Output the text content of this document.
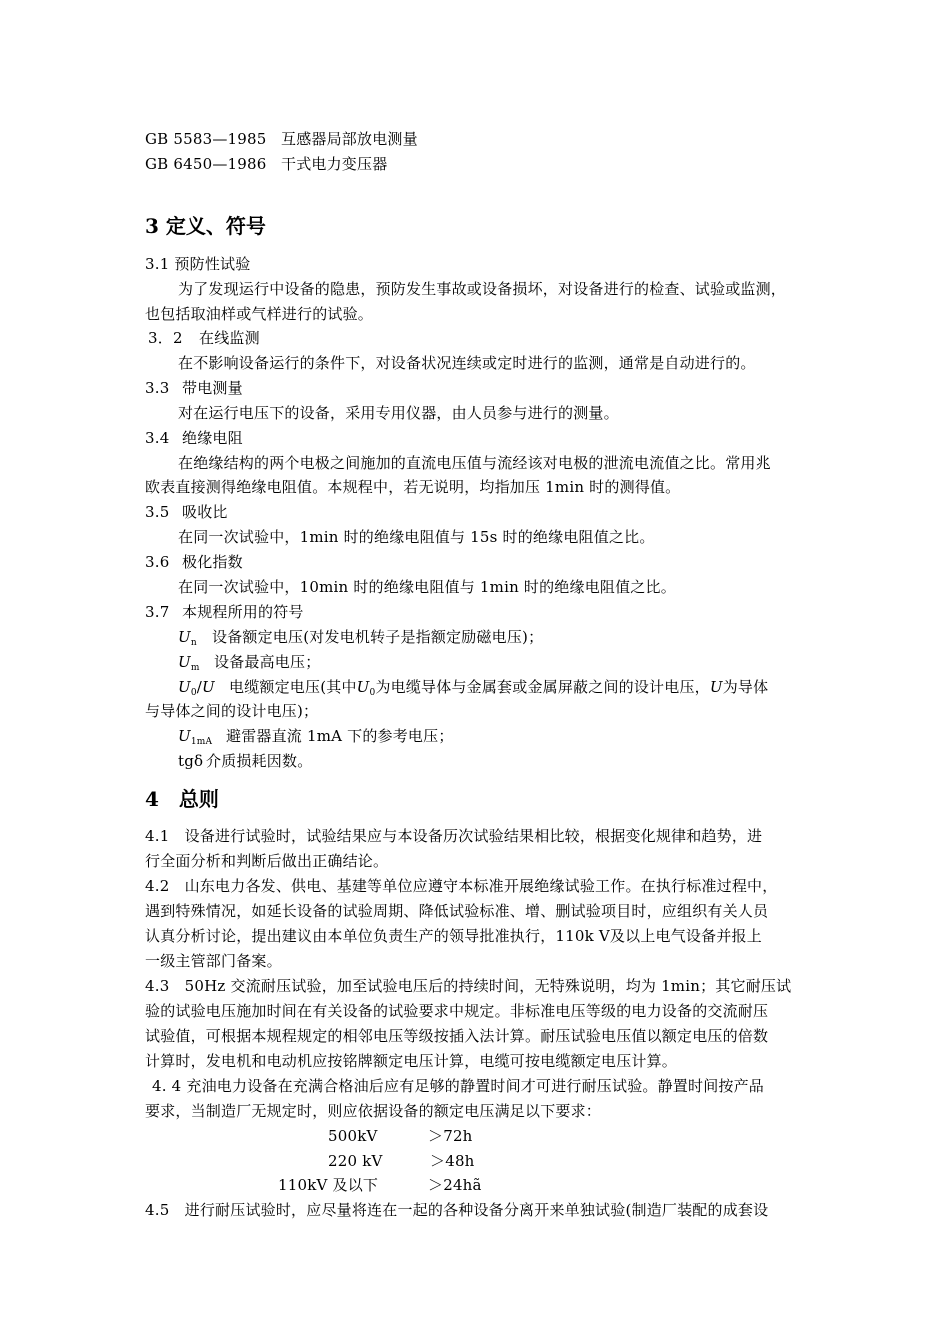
GB 5583—1985 互感器局部放电测量
GB 6450—1986 干式电力变压器
3 定义、符号
3.1 预防性试验
为了发现运行中设备的隐患，预防发生事故或设备损坏，对设备进行的检查、试验或监测，
也包括取油样或气样进行的试验。
3．2 在线监测
在不影响设备运行的条件下，对设备状况连续或定时进行的监测，通常是自动进行的。
3.3 带电测量
对在运行电压下的设备，采用专用仪器，由人员参与进行的测量。
3.4 绝缘电阻
在绝缘结构的两个电极之间施加的直流电压值与流经该对电极的泄流电流值之比。常用兆
欧表直接测得绝缘电阻值。本规程中，若无说明，均指加压 1min 时的测得值。
3.5 吸收比
在同一次试验中，1min 时的绝缘电阻值与 15s 时的绝缘电阻值之比。
3.6 极化指数
在同一次试验中，10min 时的绝缘电阻值与 1min 时的绝缘电阻值之比。
3.7 本规程所用的符号
$U_n$ 设备额定电压(对发电机转子是指额定励磁电压)；
$U_m$ 设备最高电压；
$U_0/U$ 电缆额定电压(其中$U_0$为电缆导体与金属套或金属屏蔽之间的设计电压，U为导体
与导体之间的设计电压)；
$U_{1mA}$ 避雷器直流 1mA 下的参考电压；
tgδ 介质损耗因数。
4　总则
4.1　设备进行试验时，试验结果应与本设备历次试验结果相比较，根据变化规律和趋势，进
行全面分析和判断后做出正确结论。
4.2　山东电力各发、供电、基建等单位应遵守本标准开展绝缘试验工作。在执行标准过程中，
遇到特殊情况，如延长设备的试验周期、降低试验标准、增、删试验项目时，应组织有关人员
认真分析讨论，提出建议由本单位负责生产的领导批准执行，110k Ⅴ及以上电气设备并报上
一级主管部门备案。
4.3　50Hz 交流耐压试验，加至试验电压后的持续时间，无特殊说明，均为 1min；其它耐压试
验的试验电压施加时间在有关设备的试验要求中规定。非标准电压等级的电力设备的交流耐压
试验值，可根据本规程规定的相邻电压等级按插入法计算。耐压试验电压值以额定电压的倍数
计算时，发电机和电动机应按铭牌额定电压计算，电缆可按电缆额定电压计算。
4. 4 充油电力设备在充满合格油后应有足够的静置时间才可进行耐压试验。静置时间按产品
要求，当制造厂无规定时，则应依据设备的额定电压满足以下要求：
500kV	＞72h
220 kV	＞48h
110kV 及以下	＞24hã
4.5　进行耐压试验时，应尽量将连在一起的各种设备分离开来单独试验(制造厂装配的成套设
